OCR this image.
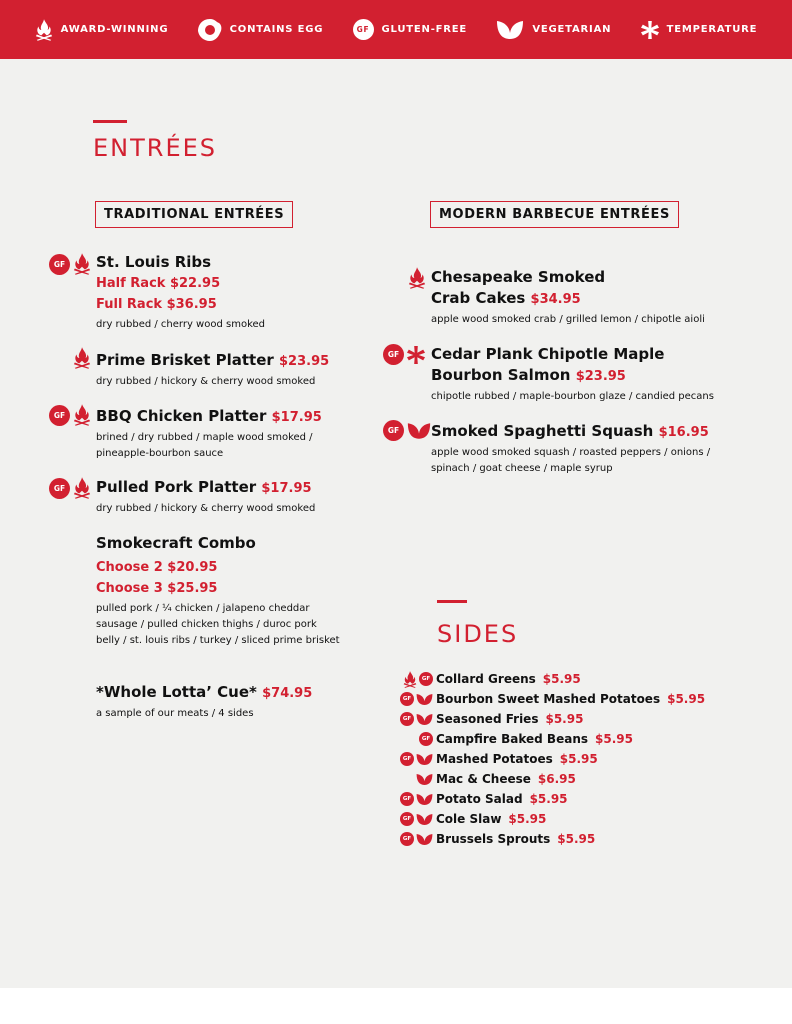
AWARD-WINNING	CONTAINS EGG	GF	GLUTEN-FREE	VEGETARIAN	TEMPERATURE
ENTRÉES
TRADITIONAL ENTRÉES	MODERN BARBECUE ENTRÉES
GF	St. Louis Ribs
Half Rack $22.95
Full Rack $36.95
dry rubbed / cherry wood smoked
Prime Brisket Platter $23.95
dry rubbed / hickory & cherry wood smoked
GF	BBQ Chicken Platter $17.95
brined / dry rubbed / maple wood smoked / pineapple-bourbon sauce
GF	Pulled Pork Platter $17.95
dry rubbed / hickory & cherry wood smoked
Smokecraft Combo
Choose 2 $20.95
Choose 3 $25.95
pulled pork / ¼ chicken / jalapeno cheddar sausage / pulled chicken thighs / duroc pork belly / st. louis ribs / turkey / sliced prime brisket
*Whole Lotta’ Cue* $74.95
a sample of our meats / 4 sides
Chesapeake Smoked
Crab Cakes $34.95
apple wood smoked crab / grilled lemon / chipotle aioli
GF	Cedar Plank Chipotle Maple
Bourbon Salmon $23.95
chipotle rubbed / maple-bourbon glaze / candied pecans
GF	Smoked Spaghetti Squash $16.95
apple wood smoked squash / roasted peppers / onions / spinach / goat cheese / maple syrup
SIDES
GF Collard Greens $5.95
GF Bourbon Sweet Mashed Potatoes $5.95
GF Seasoned Fries $5.95
GF Campfire Baked Beans $5.95
GF Mashed Potatoes $5.95
Mac & Cheese $6.95
GF Potato Salad $5.95
GF Cole Slaw $5.95
GF Brussels Sprouts $5.95
